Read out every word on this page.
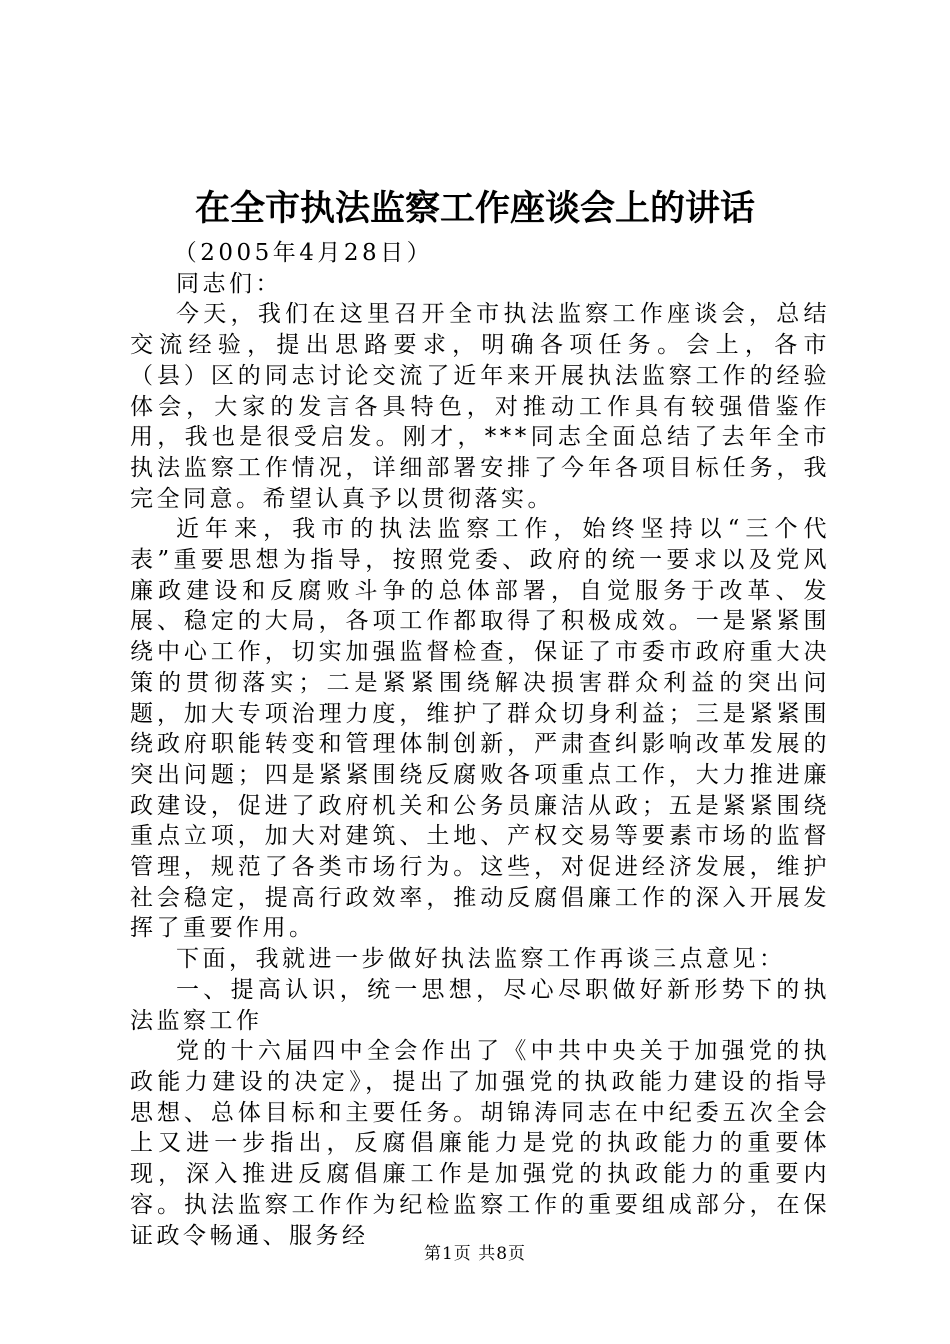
在全市执法监察工作座谈会上的讲话

（2005年4月28日）

同志们：

今天，我们在这里召开全市执法监察工作座谈会，总结交流经验，提出思路要求，明确各项任务。会上，各市（县）区的同志讨论交流了近年来开展执法监察工作的经验体会，大家的发言各具特色，对推动工作具有较强借鉴作用，我也是很受启发。刚才，***同志全面总结了去年全市执法监察工作情况，详细部署安排了今年各项目标任务，我完全同意。希望认真予以贯彻落实。

近年来，我市的执法监察工作，始终坚持以“三个代表”重要思想为指导，按照党委、政府的统一要求以及党风廉政建设和反腐败斗争的总体部署，自觉服务于改革、发展、稳定的大局，各项工作都取得了积极成效。一是紧紧围绕中心工作，切实加强监督检查，保证了市委市政府重大决策的贯彻落实；二是紧紧围绕解决损害群众利益的突出问题，加大专项治理力度，维护了群众切身利益；三是紧紧围绕政府职能转变和管理体制创新，严肃查纠影响改革发展的突出问题；四是紧紧围绕反腐败各项重点工作，大力推进廉政建设，促进了政府机关和公务员廉洁从政；五是紧紧围绕重点立项，加大对建筑、土地、产权交易等要素市场的监督管理，规范了各类市场行为。这些，对促进经济发展，维护社会稳定，提高行政效率，推动反腐倡廉工作的深入开展发挥了重要作用。

下面，我就进一步做好执法监察工作再谈三点意见：

一、提高认识，统一思想，尽心尽职做好新形势下的执法监察工作

党的十六届四中全会作出了《中共中央关于加强党的执政能力建设的决定》，提出了加强党的执政能力建设的指导思想、总体目标和主要任务。胡锦涛同志在中纪委五次全会上又进一步指出，反腐倡廉能力是党的执政能力的重要体现，深入推进反腐倡廉工作是加强党的执政能力的重要内容。执法监察工作作为纪检监察工作的重要组成部分，在保证政令畅通、服务经

第1页 共8页
